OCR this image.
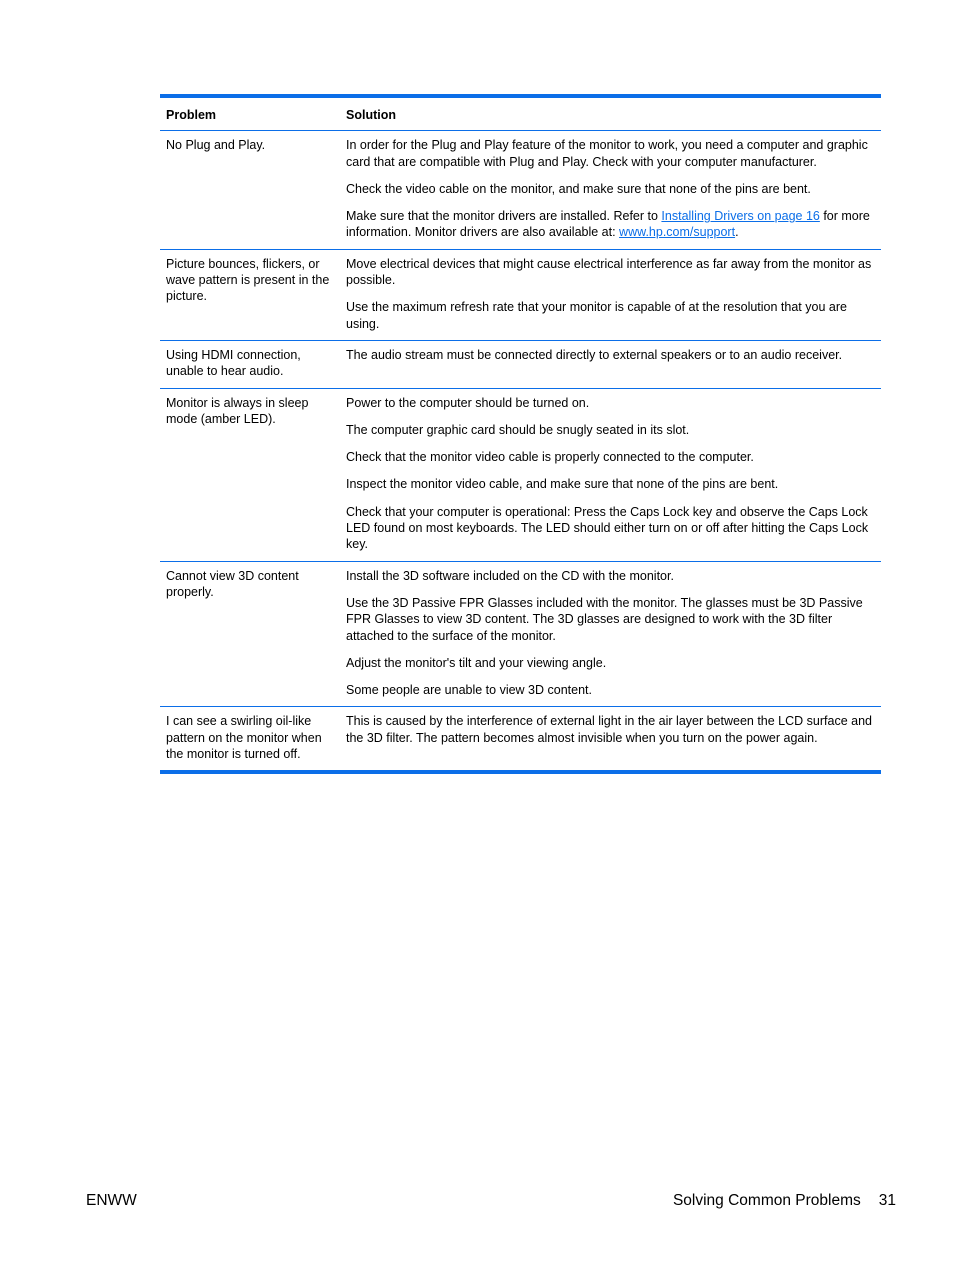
Problem	Solution
No Plug and Play.	In order for the Plug and Play feature of the monitor to work, you need a computer and graphic card that are compatible with Plug and Play. Check with your computer manufacturer.

Check the video cable on the monitor, and make sure that none of the pins are bent.

Make sure that the monitor drivers are installed. Refer to Installing Drivers on page 16 for more information. Monitor drivers are also available at: www.hp.com/support.

Picture bounces, flickers, or wave pattern is present in the picture.	Move electrical devices that might cause electrical interference as far away from the monitor as possible.

Use the maximum refresh rate that your monitor is capable of at the resolution that you are using.

Using HDMI connection, unable to hear audio.	The audio stream must be connected directly to external speakers or to an audio receiver.

Monitor is always in sleep mode (amber LED).	Power to the computer should be turned on.

The computer graphic card should be snugly seated in its slot.

Check that the monitor video cable is properly connected to the computer.

Inspect the monitor video cable, and make sure that none of the pins are bent.

Check that your computer is operational: Press the Caps Lock key and observe the Caps Lock LED found on most keyboards. The LED should either turn on or off after hitting the Caps Lock key.

Cannot view 3D content properly.	Install the 3D software included on the CD with the monitor.

Use the 3D Passive FPR Glasses included with the monitor. The glasses must be 3D Passive FPR Glasses to view 3D content. The 3D glasses are designed to work with the 3D filter attached to the surface of the monitor.

Adjust the monitor's tilt and your viewing angle.

Some people are unable to view 3D content.

I can see a swirling oil-like pattern on the monitor when the monitor is turned off.	This is caused by the interference of external light in the air layer between the LCD surface and the 3D filter. The pattern becomes almost invisible when you turn on the power again.

ENWW	Solving Common Problems 31
